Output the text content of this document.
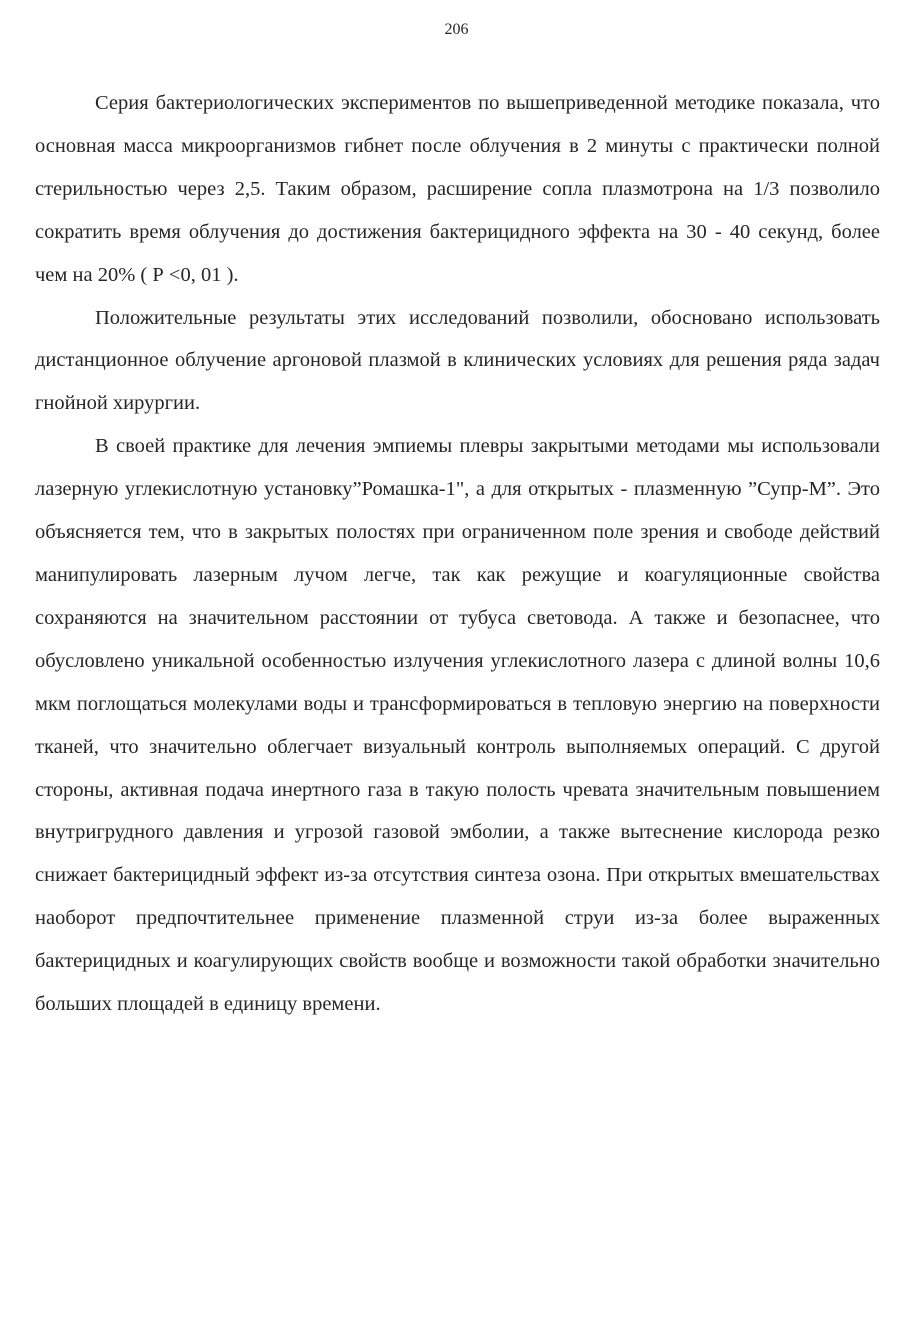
206

Серия бактериологических экспериментов по вышеприведенной методике показала, что основная масса микроорганизмов гибнет после облучения в 2 минуты с практически полной стерильностью через 2,5. Таким образом, расширение сопла плазмотрона на 1/3 позволило сократить время облучения до достижения бактерицидного эффекта на 30 - 40 секунд, более чем на 20% ( Р <0, 01 ).

Положительные результаты этих исследований позволили, обосновано использовать дистанционное облучение аргоновой плазмой в клинических условиях для решения ряда задач гнойной хирургии.

В своей практике для лечения эмпиемы плевры закрытыми методами мы использовали лазерную углекислотную установку”Ромашка-1", а для открытых - плазменную ”Супр-М”. Это объясняется тем, что в закрытых полостях при ограниченном поле зрения и свободе действий манипулировать лазерным лучом легче, так как режущие и коагуляционные свойства сохраняются на значительном расстоянии от тубуса световода. А также и безопаснее, что обусловлено уникальной особенностью излучения углекислотного лазера с длиной волны 10,6 мкм поглощаться молекулами воды и трансформироваться в тепловую энергию на поверхности тканей, что значительно облегчает визуальный контроль выполняемых операций. С другой стороны, активная подача инертного газа в такую полость чревата значительным повышением внутригрудного давления и угрозой газовой эмболии, а также вытеснение кислорода резко снижает бактерицидный эффект из-за отсутствия синтеза озона. При открытых вмешательствах наоборот предпочтительнее применение плазменной струи из-за более выраженных бактерицидных и коагулирующих свойств вообще и возможности такой обработки значительно больших площадей в единицу времени.
